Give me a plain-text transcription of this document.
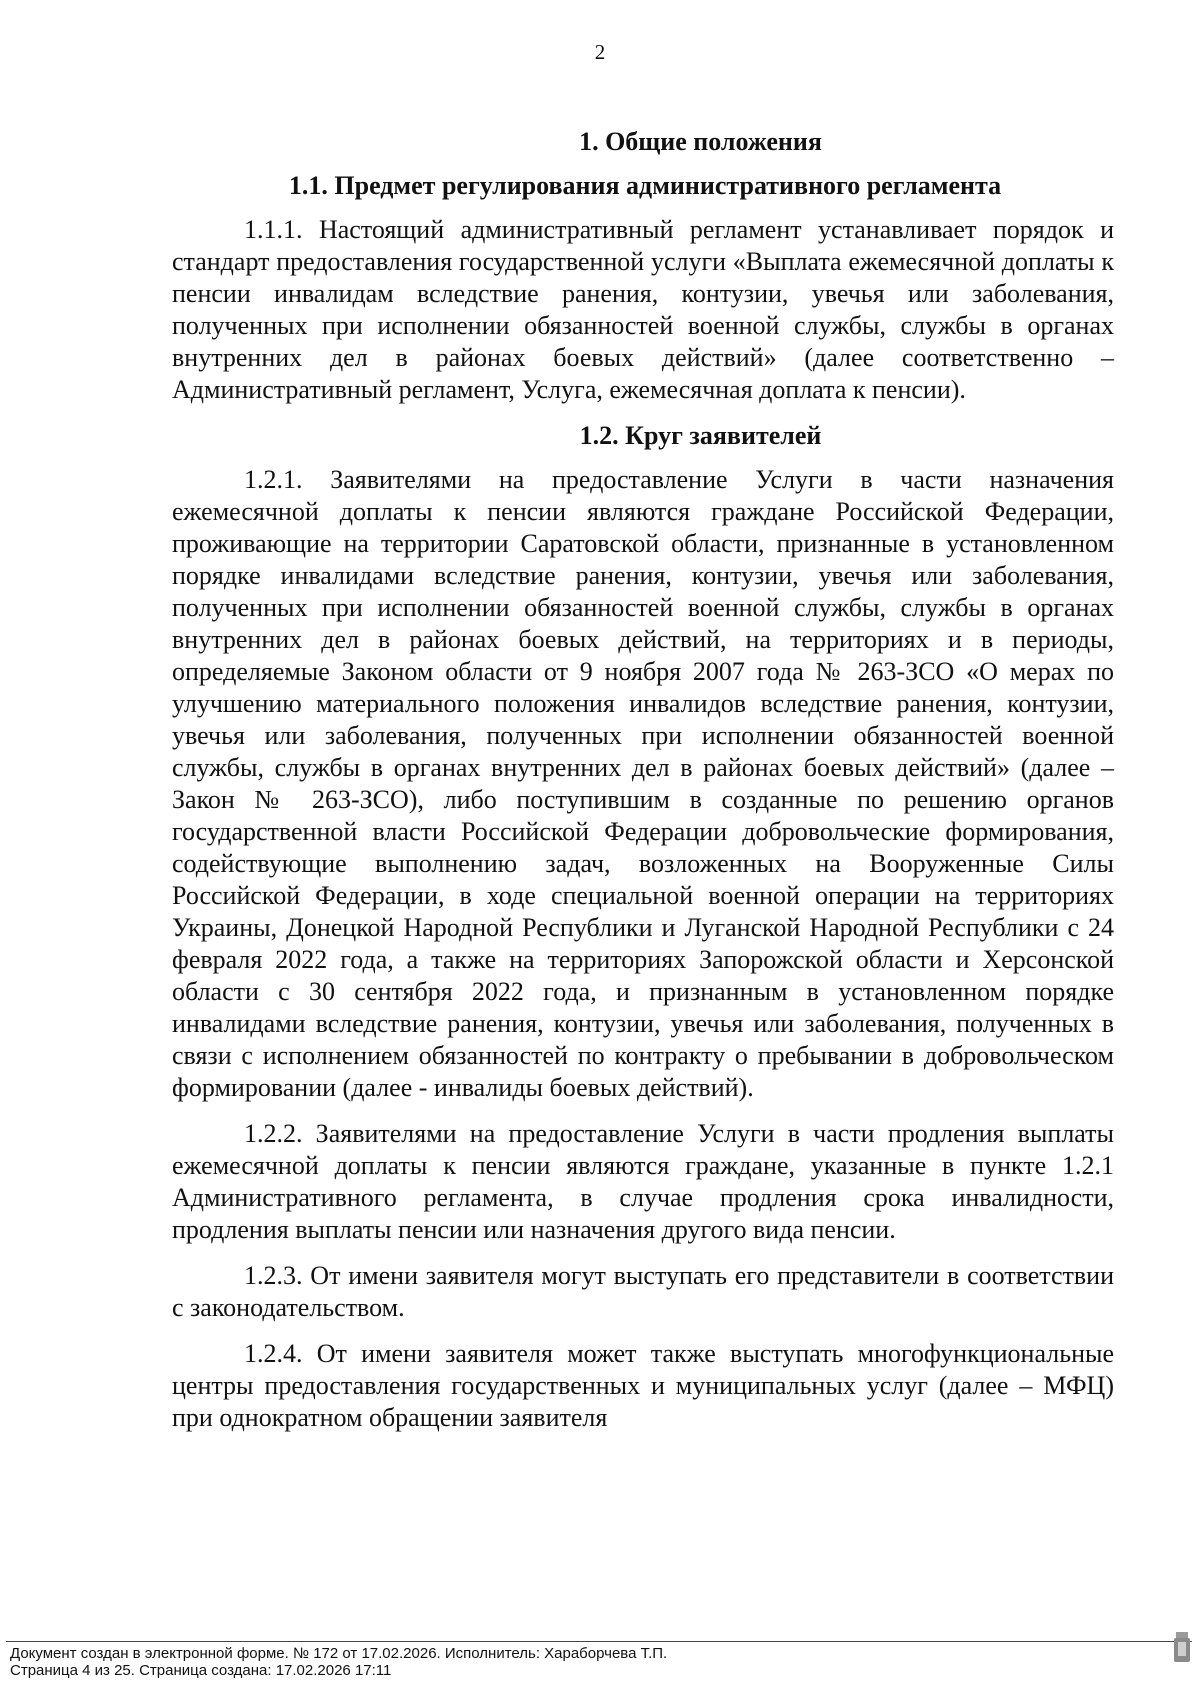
2
1. Общие положения
1.1. Предмет регулирования административного регламента

1.1.1. Настоящий административный регламент устанавливает порядок и стандарт предоставления государственной услуги «Выплата ежемесячной доплаты к пенсии инвалидам вследствие ранения, контузии, увечья или заболевания, полученных при исполнении обязанностей военной службы, службы в органах внутренних дел в районах боевых действий» (далее соответственно – Административный регламент, Услуга, ежемесячная доплата к пенсии).

1.2. Круг заявителей

1.2.1. Заявителями на предоставление Услуги в части назначения ежемесячной доплаты к пенсии являются граждане Российской Федерации, проживающие на территории Саратовской области, признанные в установленном порядке инвалидами вследствие ранения, контузии, увечья или заболевания, полученных при исполнении обязанностей военной службы, службы в органах внутренних дел в районах боевых действий, на территориях и в периоды, определяемые Законом области от 9 ноября 2007 года № 263-ЗСО «О мерах по улучшению материального положения инвалидов вследствие ранения, контузии, увечья или заболевания, полученных при исполнении обязанностей военной службы, службы в органах внутренних дел в районах боевых действий» (далее – Закон № 263-ЗСО), либо поступившим в созданные по решению органов государственной власти Российской Федерации добровольческие формирования, содействующие выполнению задач, возложенных на Вооруженные Силы Российской Федерации, в ходе специальной военной операции на территориях Украины, Донецкой Народной Республики и Луганской Народной Республики с 24 февраля 2022 года, а также на территориях Запорожской области и Херсонской области с 30 сентября 2022 года, и признанным в установленном порядке инвалидами вследствие ранения, контузии, увечья или заболевания, полученных в связи с исполнением обязанностей по контракту о пребывании в добровольческом формировании (далее - инвалиды боевых действий).

1.2.2. Заявителями на предоставление Услуги в части продления выплаты ежемесячной доплаты к пенсии являются граждане, указанные в пункте 1.2.1 Административного регламента, в случае продления срока инвалидности, продления выплаты пенсии или назначения другого вида пенсии.

1.2.3. От имени заявителя могут выступать его представители в соответствии с законодательством.

1.2.4. От имени заявителя может также выступать многофункциональные центры предоставления государственных и муниципальных услуг (далее – МФЦ) при однократном обращении заявителя

Документ создан в электронной форме. № 172 от 17.02.2026. Исполнитель: Хараборчева Т.П.
Страница 4 из 25. Страница создана: 17.02.2026 17:11
